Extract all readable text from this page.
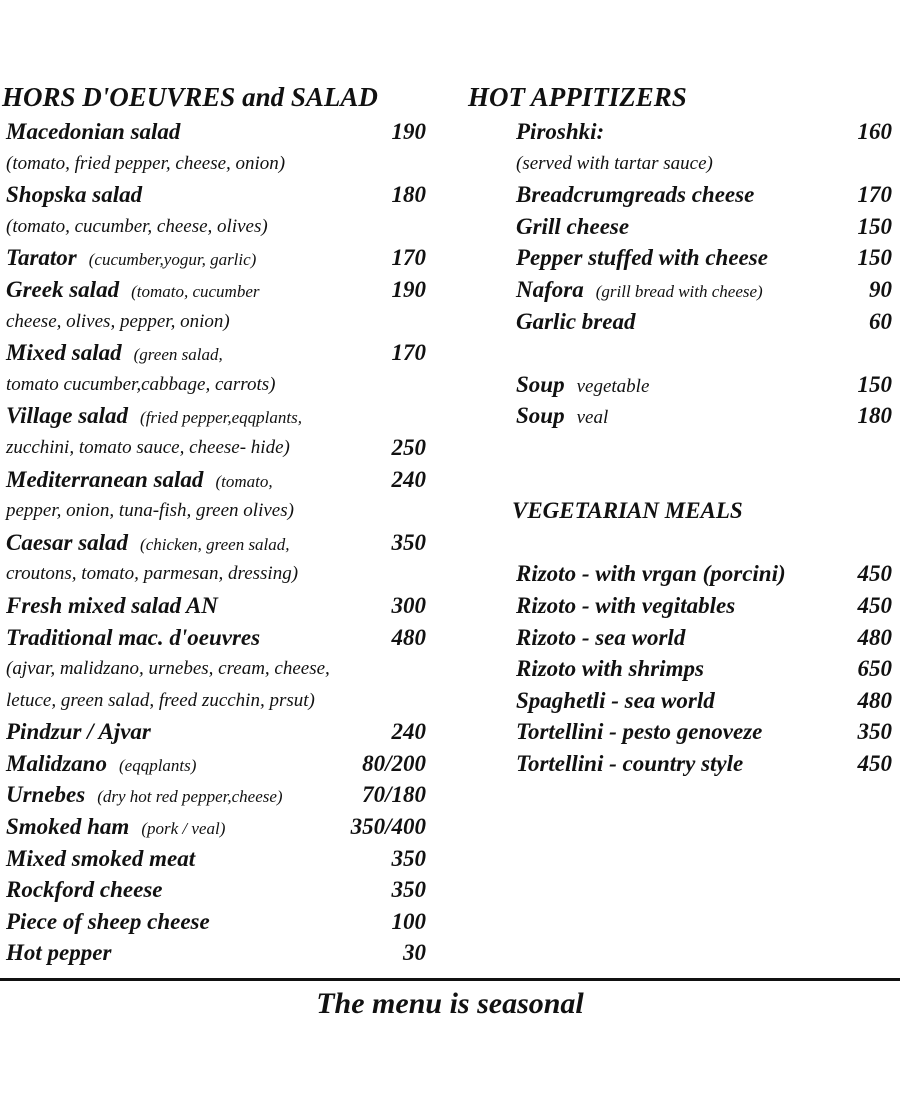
HORS D'OEUVRES and SALAD
Macedonian salad	190
(tomato, fried pepper, cheese, onion)
Shopska salad	180
(tomato, cucumber, cheese, olives)
Tarator  (cucumber,yogur, garlic)	170
Greek salad  (tomato, cucumber	190
cheese, olives, pepper, onion)
Mixed salad  (green salad,	170
tomato cucumber,cabbage, carrots)
Village salad  (fried pepper,eqqplants,
zucchini, tomato sauce, cheese- hide)	250
Mediterranean salad  (tomato,	240
pepper, onion, tuna-fish, green olives)
Caesar salad  (chicken, green salad,	350
croutons, tomato, parmesan, dressing)
Fresh mixed salad AN	300
Traditional mac. d'oeuvres	480
(ajvar, malidzano, urnebes, cream, cheese,
letuce, green salad, freed zucchin, prsut)
Pindzur / Ajvar	240
Malidzano  (eqqplants)	80/200
Urnebes  (dry hot red pepper,cheese)	70/180
Smoked ham  (pork / veal)	350/400
Mixed smoked meat	350
Rockford cheese	350
Piece of sheep cheese	100
Hot pepper	30
HOT APPITIZERS
Piroshki:	160
(served with tartar sauce)
Breadcrumgreads cheese	170
Grill cheese	150
Pepper stuffed with cheese	150
Nafora  (grill bread with cheese)	90
Garlic bread	60
Soup  vegetable	150
Soup  veal	180
VEGETARIAN MEALS
Rizoto - with vrgan (porcini)	450
Rizoto - with vegitables	450
Rizoto - sea world	480
Rizoto with shrimps	650
Spaghetli - sea world	480
Tortellini - pesto genoveze	350
Tortellini - country style	450
The menu is seasonal
